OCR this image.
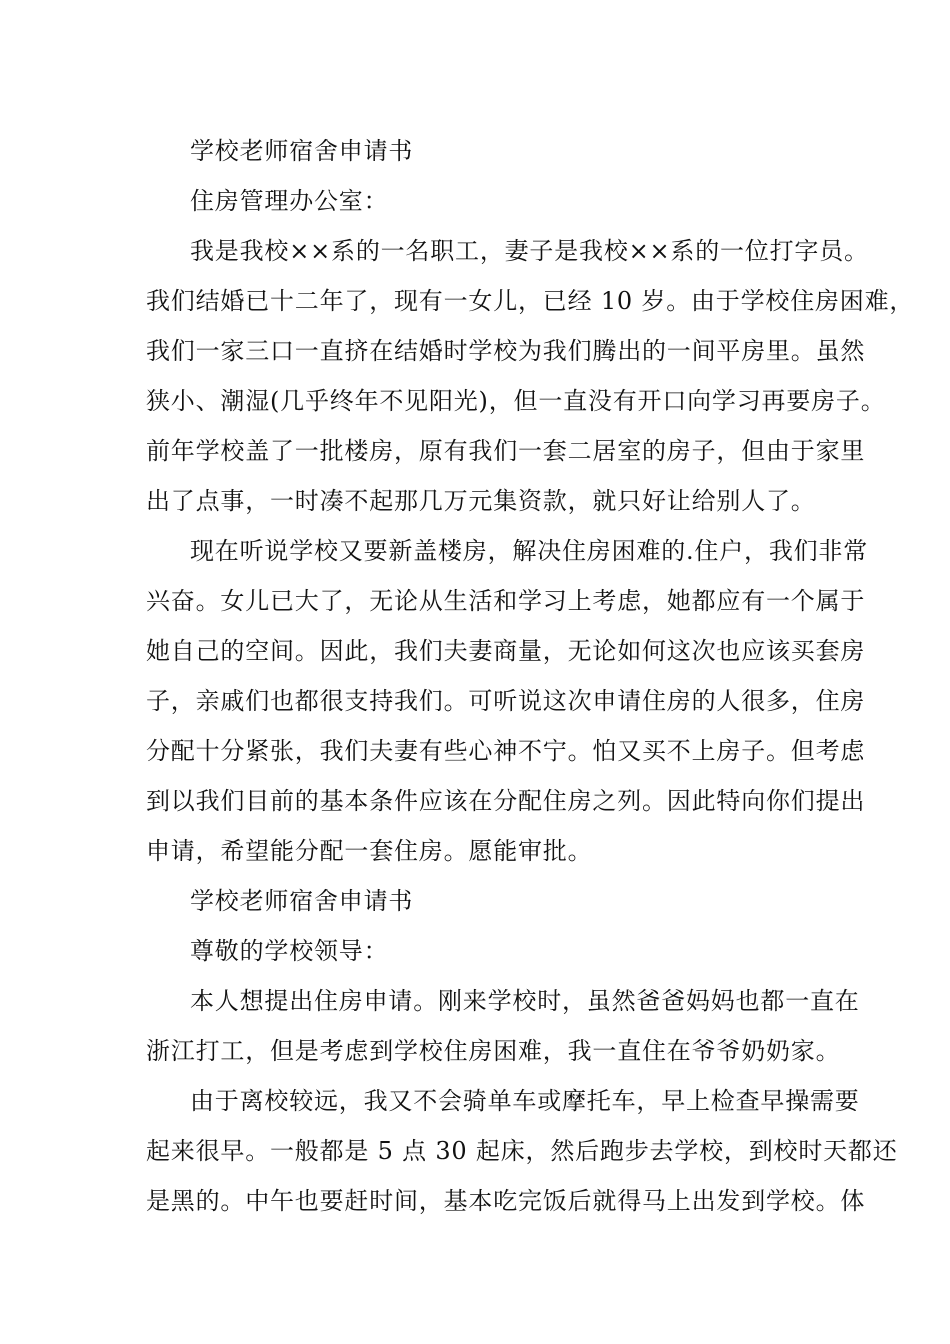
学校老师宿舍申请书
住房管理办公室：
我是我校××系的一名职工，妻子是我校××系的一位打字员。
我们结婚已十二年了，现有一女儿，已经 10 岁。由于学校住房困难，
我们一家三口一直挤在结婚时学校为我们腾出的一间平房里。虽然
狭小、潮湿(几乎终年不见阳光)，但一直没有开口向学习再要房子。
前年学校盖了一批楼房，原有我们一套二居室的房子，但由于家里
出了点事，一时凑不起那几万元集资款，就只好让给别人了。
现在听说学校又要新盖楼房，解决住房困难的.住户，我们非常
兴奋。女儿已大了，无论从生活和学习上考虑，她都应有一个属于
她自己的空间。因此，我们夫妻商量，无论如何这次也应该买套房
子，亲戚们也都很支持我们。可听说这次申请住房的人很多，住房
分配十分紧张，我们夫妻有些心神不宁。怕又买不上房子。但考虑
到以我们目前的基本条件应该在分配住房之列。因此特向你们提出
申请，希望能分配一套住房。愿能审批。
学校老师宿舍申请书
尊敬的学校领导：
本人想提出住房申请。刚来学校时，虽然爸爸妈妈也都一直在
浙江打工，但是考虑到学校住房困难，我一直住在爷爷奶奶家。
由于离校较远，我又不会骑单车或摩托车，早上检查早操需要
起来很早。一般都是 5 点 30 起床，然后跑步去学校，到校时天都还
是黑的。中午也要赶时间，基本吃完饭后就得马上出发到学校。体
